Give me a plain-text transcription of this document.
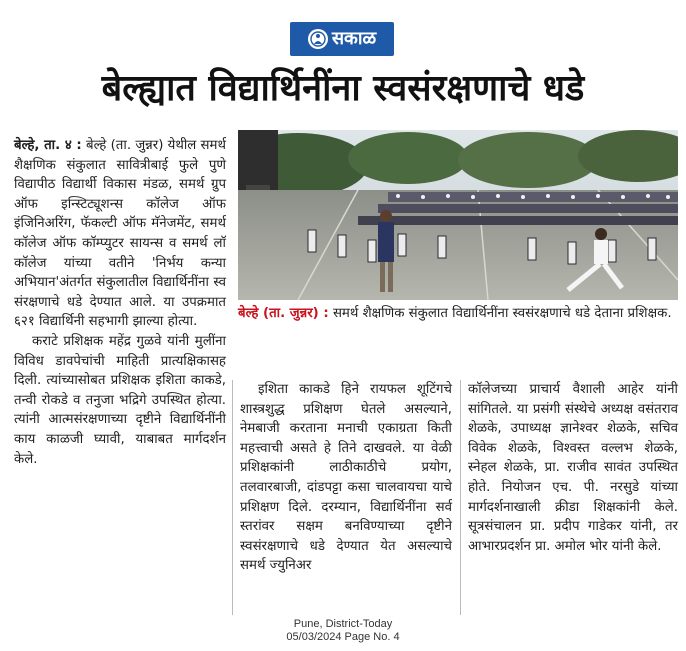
सकाळ
बेल्ह्यात विद्यार्थिनींना स्वसंरक्षणाचे धडे

बेल्हे, ता. ४ : बेल्हे (ता. जुन्नर) येथील समर्थ शैक्षणिक संकुलात सावित्रीबाई फुले पुणे विद्यापीठ विद्यार्थी विकास मंडळ, समर्थ ग्रुप ऑफ इन्स्टिट्यूशन्स कॉलेज ऑफ इंजिनिअरिंग, फॅकल्टी ऑफ मॅनेजमेंट, समर्थ कॉलेज ऑफ कॉम्प्युटर सायन्स व समर्थ लॉ कॉलेज यांच्या वतीने 'निर्भय कन्या अभियान'अंतर्गत संकुलातील विद्यार्थिनींना स्व संरक्षणाचे धडे देण्यात आले. या उपक्रमात ६२१ विद्यार्थिनी सहभागी झाल्या होत्या.

कराटे प्रशिक्षक महेंद्र गुळवे यांनी मुलींना विविध डावपेचांची माहिती प्रात्यक्षिकासह दिली. त्यांच्यासोबत प्रशिक्षक इशिता काकडे, तन्वी रोकडे व तनुजा भद्रिगे उपस्थित होत्या. त्यांनी आत्मसंरक्षणाच्या दृष्टीने विद्यार्थिनींनी काय काळजी घ्यावी, याबाबत मार्गदर्शन केले.

बेल्हे (ता. जुन्नर) : समर्थ शैक्षणिक संकुलात विद्यार्थिनींना स्वसंरक्षणाचे धडे देताना प्रशिक्षक.

इशिता काकडे हिने रायफल शूटिंगचे शास्त्रशुद्ध प्रशिक्षण घेतले असल्याने, नेमबाजी करताना मनाची एकाग्रता किती महत्त्वाची असते हे तिने दाखवले. या वेळी प्रशिक्षकांनी लाठीकाठीचे प्रयोग, तलवारबाजी, दांडपट्टा कसा चालवायचा याचे प्रशिक्षण दिले. दरम्यान, विद्यार्थिनींना सर्व स्तरांवर सक्षम बनविण्याच्या दृष्टीने स्वसंरक्षणाचे धडे देण्यात येत असल्याचे समर्थ ज्युनिअर

कॉलेजच्या प्राचार्य वैशाली आहेर यांनी सांगितले. या प्रसंगी संस्थेचे अध्यक्ष वसंतराव शेळके, उपाध्यक्ष ज्ञानेश्वर शेळके, सचिव विवेक शेळके, विश्वस्त वल्लभ शेळके, स्नेहल शेळके, प्रा. राजीव सावंत उपस्थित होते. नियोजन एच. पी. नरसुडे यांच्या मार्गदर्शनाखाली क्रीडा शिक्षकांनी केले. सूत्रसंचालन प्रा. प्रदीप गाडेकर यांनी, तर आभारप्रदर्शन प्रा. अमोल भोर यांनी केले.

Pune, District-Today
05/03/2024 Page No. 4
